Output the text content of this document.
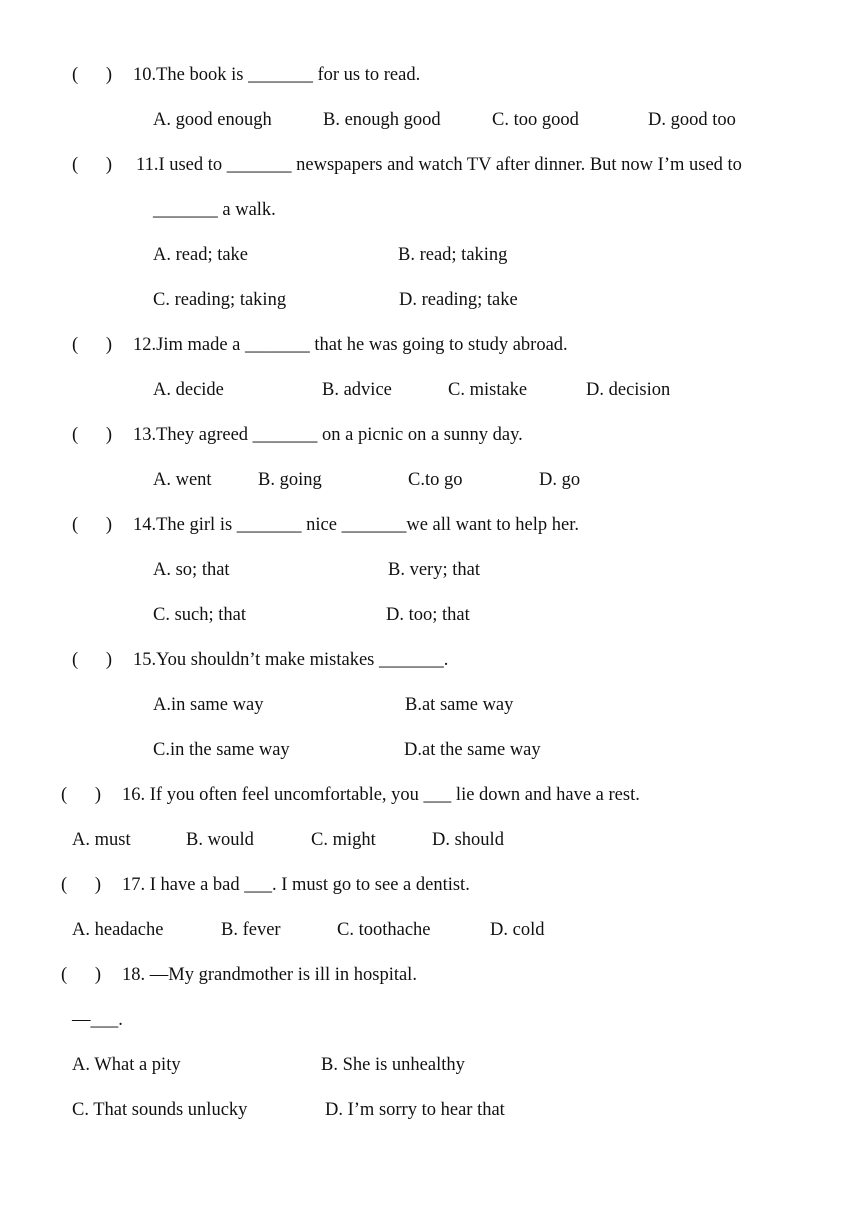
(      ) 10.The book is _______ for us to read.
A. good enough	B. enough good	C. too good	D. good too
(      ) 11.I used to _______ newspapers and watch TV after dinner. But now I’m used to
_______ a walk.
A. read; take	B. read; taking
C. reading; taking	D. reading; take
(      ) 12.Jim made a _______ that he was going to study abroad.
A. decide	B. advice	C. mistake	D. decision
(      ) 13.They agreed _______ on a picnic on a sunny day.
A. went	B. going	C.to go	D. go
(      ) 14.The girl is _______ nice _______we all want to help her.
A. so; that	B. very; that
C. such; that	D. too; that
(      ) 15.You shouldn’t make mistakes _______.
A.in same way	B.at same way
C.in the same way	D.at the same way
(      ) 16. If you often feel uncomfortable, you ___ lie down and have a rest.
A. must	B. would	C. might	D. should
(      ) 17. I have a bad ___. I must go to see a dentist.
A. headache	B. fever	C. toothache	D. cold
(      ) 18. —My grandmother is ill in hospital.
—___.
A. What a pity	B. She is unhealthy
C. That sounds unlucky	D. I’m sorry to hear that
